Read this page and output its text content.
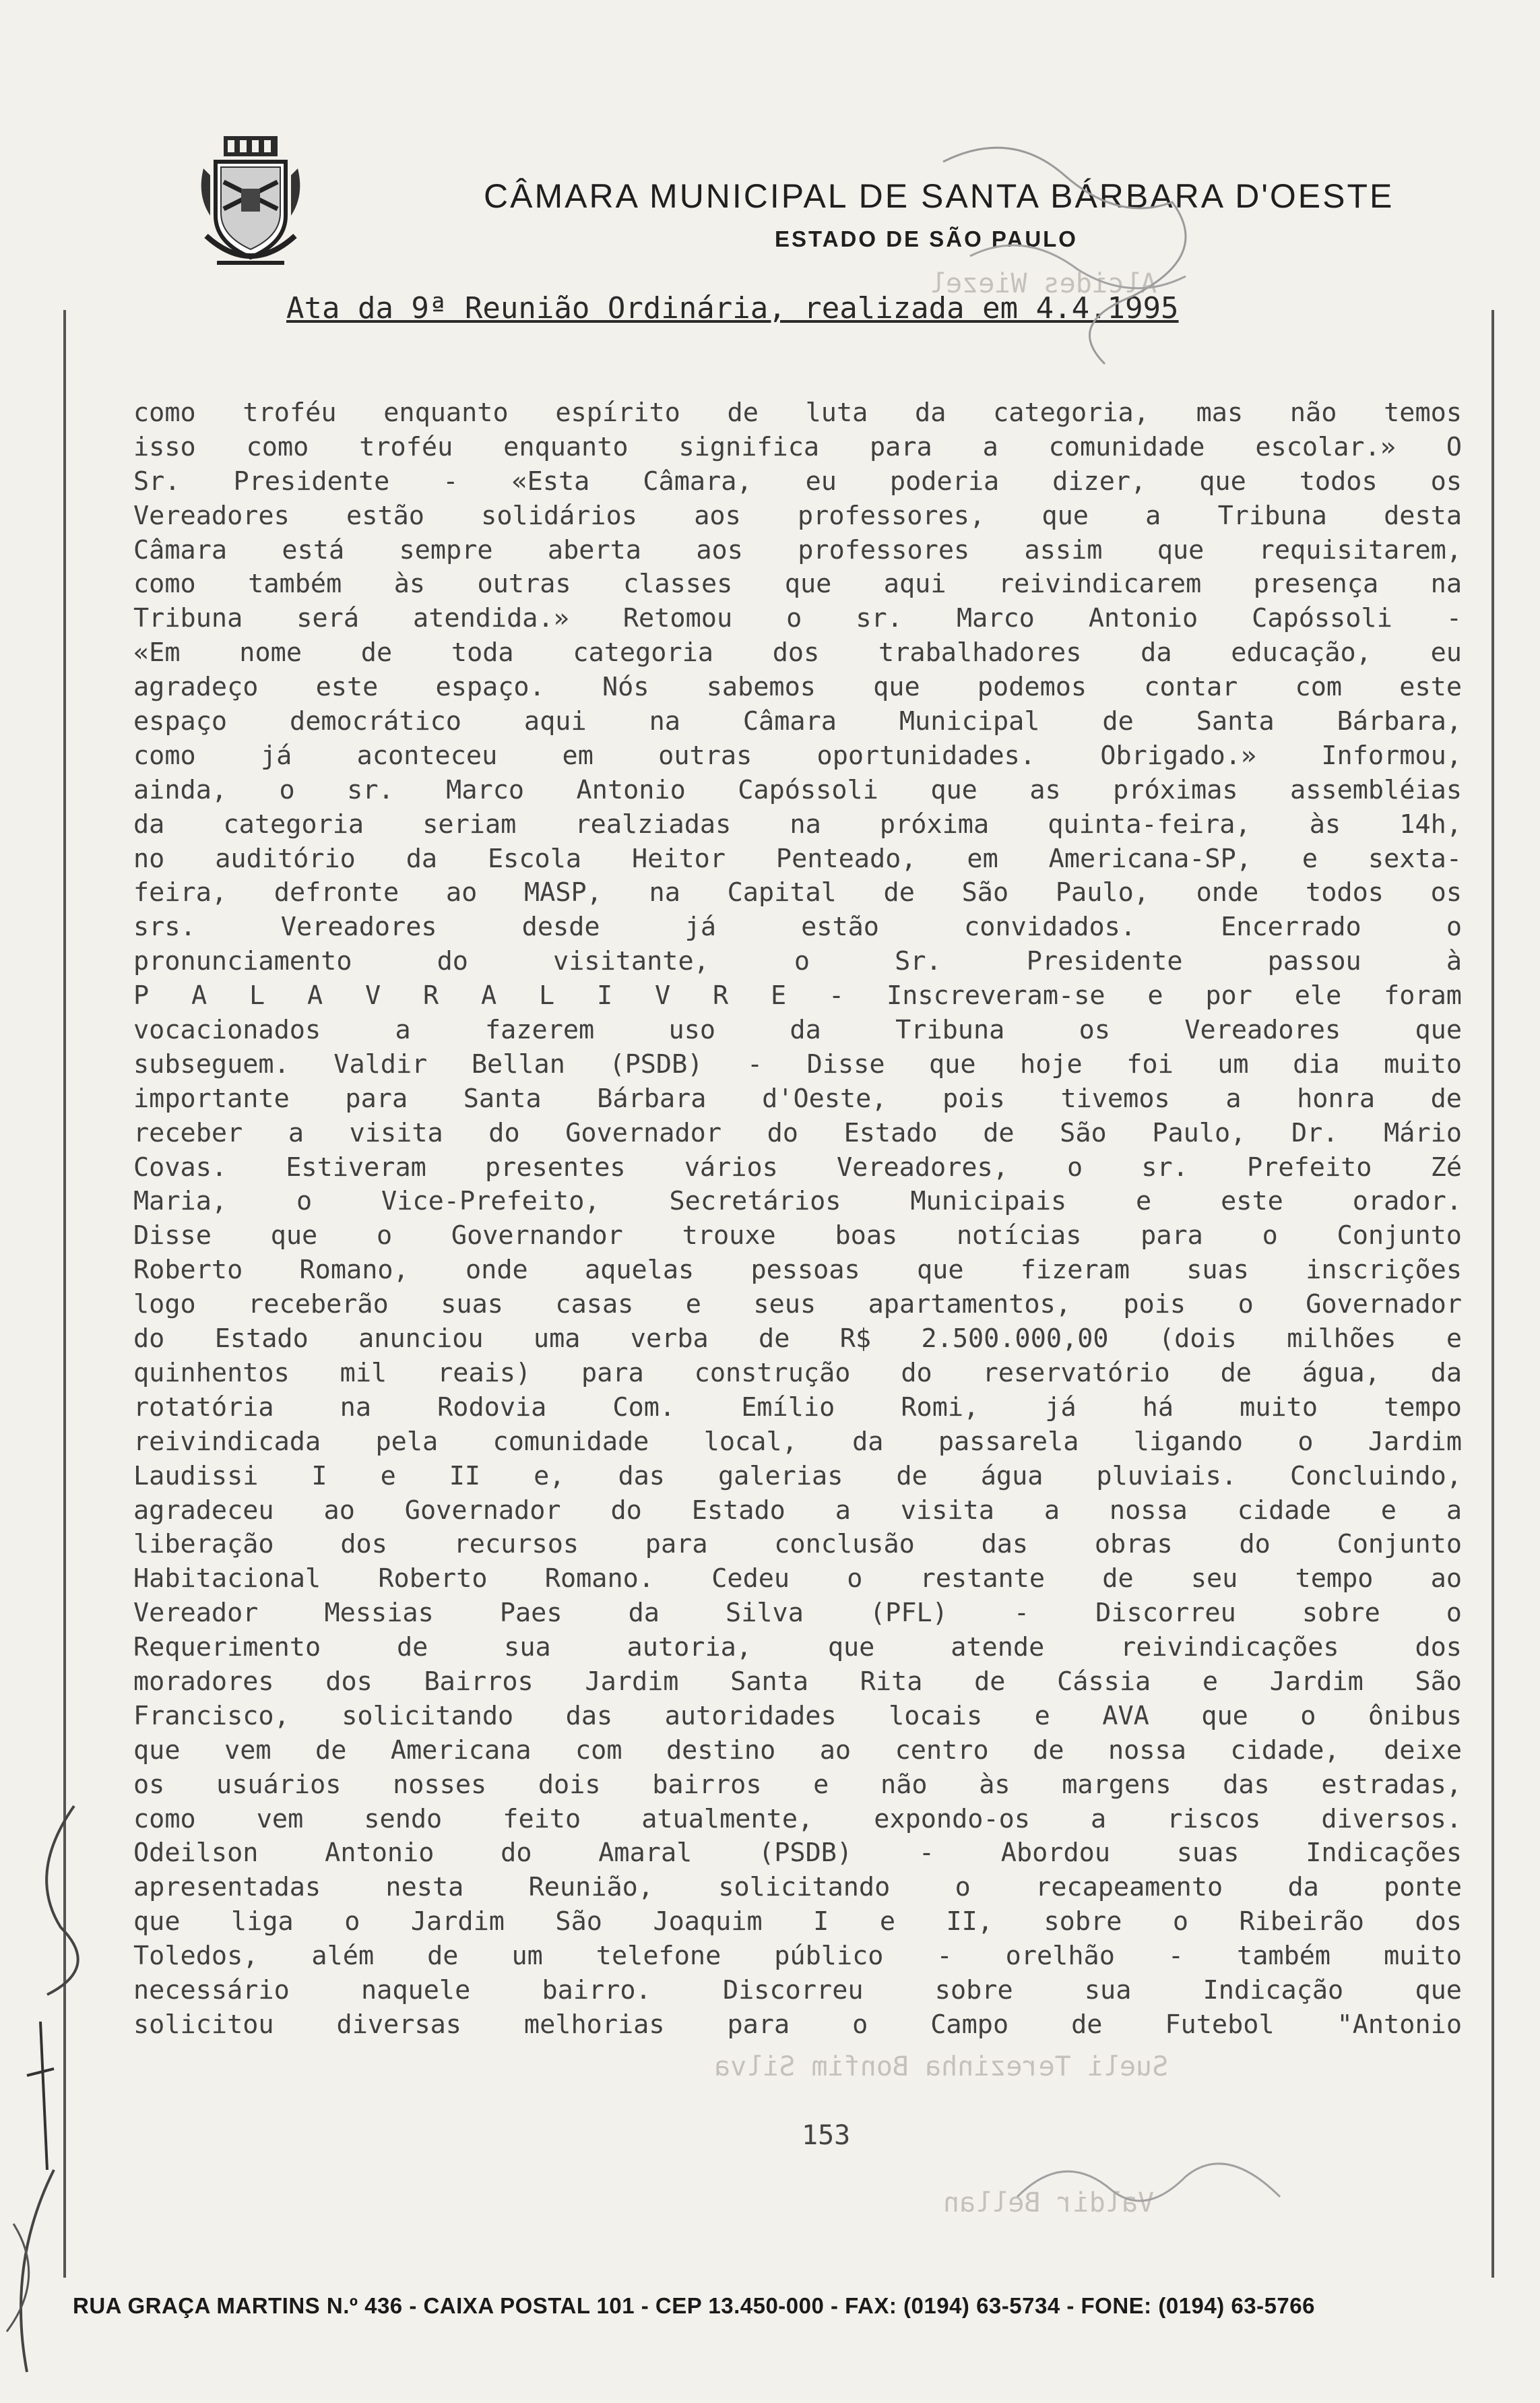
CÂMARA MUNICIPAL DE SANTA BÁRBARA D'OESTE
ESTADO DE SÃO PAULO
Ata da 9ª Reunião Ordinária, realizada em 4.4.1995
Alcides Wiezel
Sueli Terezinha Bonfim Silva
Valdir Bellan
como troféu enquanto espírito de luta da categoria, mas não temos
isso como troféu enquanto significa para a comunidade escolar.» O
Sr. Presidente - «Esta Câmara, eu poderia dizer, que todos os
Vereadores estão solidários aos professores, que a Tribuna desta
Câmara está sempre aberta aos professores assim que requisitarem,
como também às outras classes que aqui reivindicarem presença na
Tribuna será atendida.» Retomou o sr. Marco Antonio Capóssoli -
«Em nome de toda categoria dos trabalhadores da educação, eu
agradeço este espaço. Nós sabemos que podemos contar com este
espaço democrático aqui na Câmara Municipal de Santa Bárbara,
como já aconteceu em outras oportunidades. Obrigado.» Informou,
ainda, o sr. Marco Antonio Capóssoli que as próximas assembléias
da categoria seriam realziadas na próxima quinta-feira, às 14h,
no auditório da Escola Heitor Penteado, em Americana-SP, e sexta-
feira, defronte ao MASP, na Capital de São Paulo, onde todos os
srs. Vereadores desde já estão convidados. Encerrado o
pronunciamento do visitante, o Sr. Presidente passou à
P A L A V R A L I V R E - Inscreveram-se e por ele foram
vocacionados a fazerem uso da Tribuna os Vereadores que
subseguem. Valdir Bellan (PSDB) - Disse que hoje foi um dia muito
importante para Santa Bárbara d'Oeste, pois tivemos a honra de
receber a visita do Governador do Estado de São Paulo, Dr. Mário
Covas. Estiveram presentes vários Vereadores, o sr. Prefeito Zé
Maria, o Vice-Prefeito, Secretários Municipais e este orador.
Disse que o Governandor trouxe boas notícias para o Conjunto
Roberto Romano, onde aquelas pessoas que fizeram suas inscrições
logo receberão suas casas e seus apartamentos, pois o Governador
do Estado anunciou uma verba de R$ 2.500.000,00 (dois milhões e
quinhentos mil reais) para construção do reservatório de água, da
rotatória na Rodovia Com. Emílio Romi, já há muito tempo
reivindicada pela comunidade local, da passarela ligando o Jardim
Laudissi I e II e, das galerias de água pluviais. Concluindo,
agradeceu ao Governador do Estado a visita a nossa cidade e a
liberação dos recursos para conclusão das obras do Conjunto
Habitacional Roberto Romano. Cedeu o restante de seu tempo ao
Vereador Messias Paes da Silva (PFL) - Discorreu sobre o
Requerimento de sua autoria, que atende reivindicações dos
moradores dos Bairros Jardim Santa Rita de Cássia e Jardim São
Francisco, solicitando das autoridades locais e AVA que o ônibus
que vem de Americana com destino ao centro de nossa cidade, deixe
os usuários nosses dois bairros e não às margens das estradas,
como vem sendo feito atualmente, expondo-os a riscos diversos.
Odeilson Antonio do Amaral (PSDB) - Abordou suas Indicações
apresentadas nesta Reunião, solicitando o recapeamento da ponte
que liga o Jardim São Joaquim I e II, sobre o Ribeirão dos
Toledos, além de um telefone público - orelhão - também muito
necessário naquele bairro. Discorreu sobre sua Indicação que
solicitou diversas melhorias para o Campo de Futebol "Antonio
153
RUA GRAÇA MARTINS N.º 436 - CAIXA POSTAL 101 - CEP 13.450-000 - FAX: (0194) 63-5734 - FONE: (0194) 63-5766
